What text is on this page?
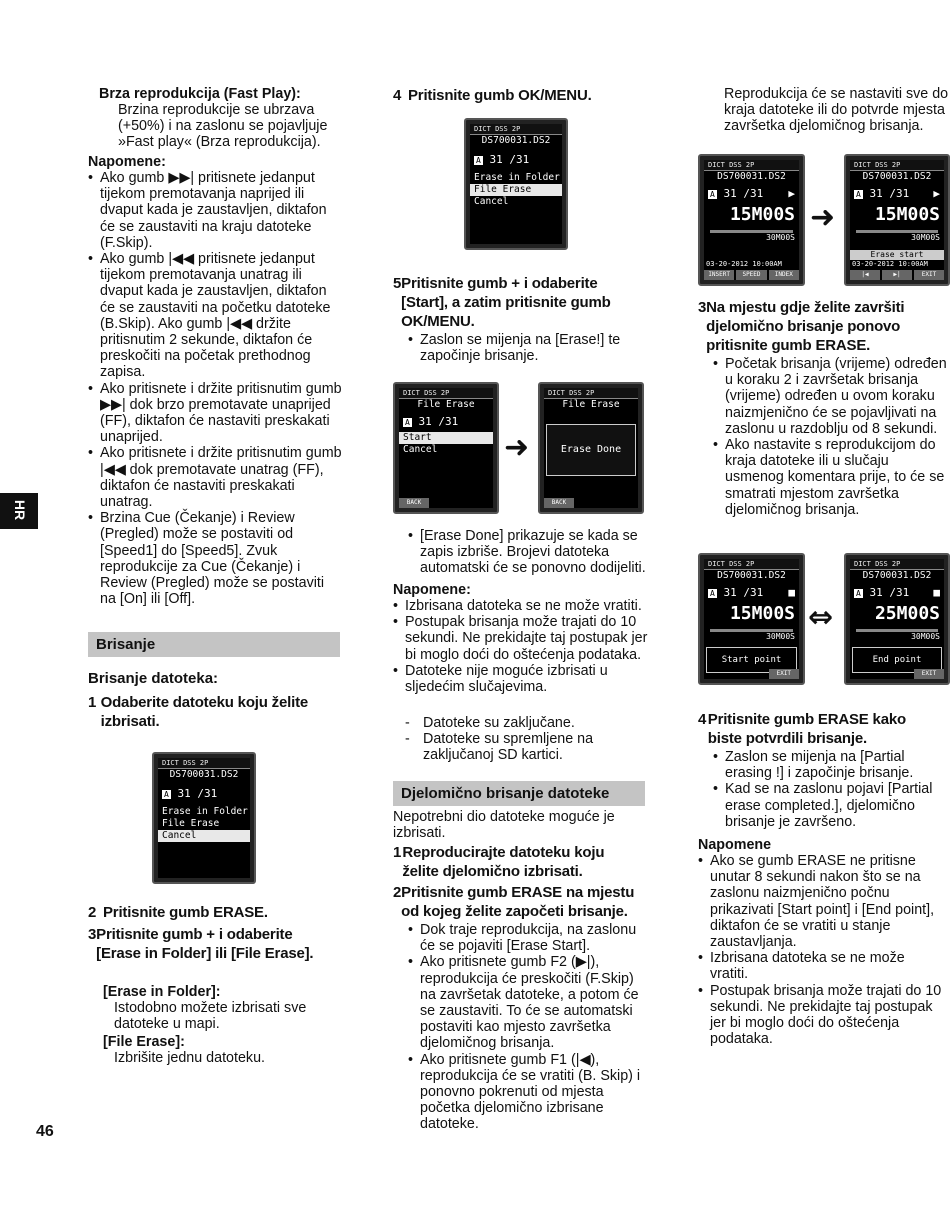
HR
46
Brza reprodukcija (Fast Play):
Brzina reprodukcije se ubrzava (+50%) i na zaslonu se pojavljuje »Fast play« (Brza reprodukcija).
Napomene:
• Ako gumb ▶▶| pritisnete jedanput tijekom premotavanja naprijed ili dvaput kada je zaustavljen, diktafon će se zaustaviti na kraju datoteke (F.Skip).
• Ako gumb |◀◀ pritisnete jedanput tijekom premotavanja unatrag ili dvaput kada je zaustavljen, diktafon će se zaustaviti na početku datoteke (B.Skip). Ako gumb |◀◀ držite pritisnutim 2 sekunde, diktafon će preskočiti na početak prethodnog zapisa.
• Ako pritisnete i držite pritisnutim gumb ▶▶| dok brzo premotavate unaprijed (FF), diktafon će nastaviti preskakati unaprijed.
• Ako pritisnete i držite pritisnutim gumb |◀◀ dok premotavate unatrag (FF), diktafon će nastaviti preskakati unatrag.
• Brzina Cue (Čekanje) i Review (Pregled) može se postaviti od [Speed1] do [Speed5]. Zvuk reprodukcije za Cue (Čekanje) i Review (Pregled) može se postaviti na [On] ili [Off].
Brisanje
Brisanje datoteka:
1 Odaberite datoteku koju želite izbrisati.
DICT DSS 2P
DS700031.DS2
A 31 /31
Erase in Folder
File Erase
Cancel
2 Pritisnite gumb ERASE.
3 Pritisnite gumb + i odaberite [Erase in Folder] ili [File Erase].
[Erase in Folder]:
Istodobno možete izbrisati sve datoteke u mapi.
[File Erase]:
Izbrišite jednu datoteku.
4 Pritisnite gumb OK/MENU.
DICT DSS 2P
DS700031.DS2
A 31 /31
Erase in Folder
File Erase
Cancel
5 Pritisnite gumb + i odaberite [Start], a zatim pritisnite gumb OK/MENU.
• Zaslon se mijenja na [Erase!] te započinje brisanje.
DICT DSS 2P
File Erase
A 31 /31
Start
Cancel
BACK
➜
DICT DSS 2P
File Erase
Erase Done
BACK
• [Erase Done] prikazuje se kada se zapis izbriše. Brojevi datoteka automatski će se ponovno dodijeliti.
Napomene:
• Izbrisana datoteka se ne može vratiti.
• Postupak brisanja može trajati do 10 sekundi. Ne prekidajte taj postupak jer bi moglo doći do oštećenja podataka.
• Datoteke nije moguće izbrisati u sljedećim slučajevima.
- Datoteke su zaključane.
- Datoteke su spremljene na zaključanoj SD kartici.
Djelomično brisanje datoteke
Nepotrebni dio datoteke moguće je izbrisati.
1 Reproducirajte datoteku koju želite djelomično izbrisati.
2 Pritisnite gumb ERASE na mjestu od kojeg želite započeti brisanje.
• Dok traje reprodukcija, na zaslonu će se pojaviti [Erase Start].
• Ako pritisnete gumb F2 (▶|), reprodukcija će preskočiti (F.Skip) na završetak datoteke, a potom će se zaustaviti. To će se automatski postaviti kao mjesto završetka djelomičnog brisanja.
• Ako pritisnete gumb F1 (|◀), reprodukcija će se vratiti (B. Skip) i ponovno pokrenuti od mjesta početka djelomično izbrisane datoteke.
Reprodukcija će se nastaviti sve do kraja datoteke ili do potvrde mjesta završetka djelomičnog brisanja.
DICT DSS 2P
DS700031.DS2
A 31 /31 ▶
15M00S
30M00S
03-20-2012 10:00AM
INSERT	SPEED	INDEX
➜
DICT DSS 2P
DS700031.DS2
A 31 /31 ▶
15M00S
30M00S
Erase start
03-20-2012 10:00AM
|◀	▶|	EXIT
3 Na mjestu gdje želite završiti djelomično brisanje ponovo pritisnite gumb ERASE.
• Početak brisanja (vrijeme) određen u koraku 2 i završetak brisanja (vrijeme) određen u ovom koraku naizmjenično će se pojavljivati na zaslonu u razdoblju od 8 sekundi.
• Ako nastavite s reprodukcijom do kraja datoteke ili u slučaju usmenog komentara prije, to će se smatrati mjestom završetka djelomičnog brisanja.
DICT DSS 2P
DS700031.DS2
A 31 /31 ■
15M00S
30M00S
Start point
EXIT
⇔
DICT DSS 2P
DS700031.DS2
A 31 /31 ■
25M00S
30M00S
End point
EXIT
4 Pritisnite gumb ERASE kako biste potvrdili brisanje.
• Zaslon se mijenja na [Partial erasing !] i započinje brisanje.
• Kad se na zaslonu pojavi [Partial erase completed.], djelomično brisanje je završeno.
Napomene
• Ako se gumb ERASE ne pritisne unutar 8 sekundi nakon što se na zaslonu naizmjenično počnu prikazivati [Start point] i [End point], diktafon će se vratiti u stanje zaustavljanja.
• Izbrisana datoteka se ne može vratiti.
• Postupak brisanja može trajati do 10 sekundi. Ne prekidajte taj postupak jer bi moglo doći do oštećenja podataka.
